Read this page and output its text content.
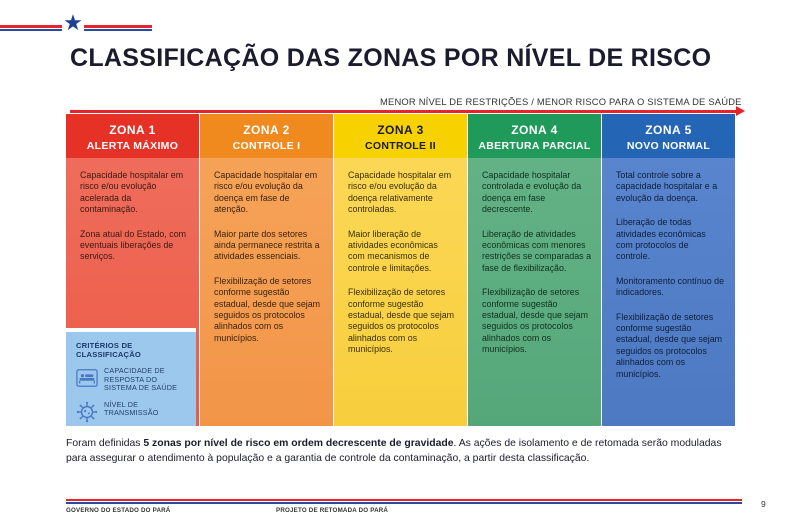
★
CLASSIFICAÇÃO DAS ZONAS POR NÍVEL DE RISCO
MENOR NÍVEL DE RESTRIÇÕES / MENOR RISCO PARA O SISTEMA DE SAÚDE
ZONA 1
ALERTA MÁXIMO

Capacidade hospitalar em risco e/ou evolução acelerada da contaminação.

Zona atual do Estado, com eventuais liberações de serviços.

ZONA 2
CONTROLE I

Capacidade hospitalar em risco e/ou evolução da doença em fase de atenção.

Maior parte dos setores ainda permanece restrita a atividades essenciais.

Flexibilização de setores conforme sugestão estadual, desde que sejam seguidos os protocolos alinhados com os municípios.

ZONA 3
CONTROLE II

Capacidade hospitalar em risco e/ou evolução da doença relativamente controladas.

Maior liberação de atividades econômicas com mecanismos de controle e limitações.

Flexibilização de setores conforme sugestão estadual, desde que sejam seguidos os protocolos alinhados com os municípios.

ZONA 4
ABERTURA PARCIAL

Capacidade hospitalar controlada e evolução da doença em fase decrescente.

Liberação de atividades econômicas com menores restrições se comparadas a fase de flexibilização.

Flexibilização de setores conforme sugestão estadual, desde que sejam seguidos os protocolos alinhados com os municípios.

ZONA 5
NOVO NORMAL

Total controle sobre a capacidade hospitalar e a evolução da doença.

Liberação de todas atividades econômicas com protocolos de controle.

Monitoramento contínuo de indicadores.

Flexibilização de setores conforme sugestão estadual, desde que sejam seguidos os protocolos alinhados com os municípios.

CRITÉRIOS DE CLASSIFICAÇÃO
CAPACIDADE DE RESPOSTA DO SISTEMA DE SAÚDE
NÍVEL DE TRANSMISSÃO
Foram definidas 5 zonas por nível de risco em ordem decrescente de gravidade. As ações de isolamento e de retomada serão moduladas para assegurar o atendimento à população e a garantia de controle da contaminação, a partir desta classificação.
GOVERNO DO ESTADO DO PARÁ	PROJETO DE RETOMADA DO PARÁ
9
